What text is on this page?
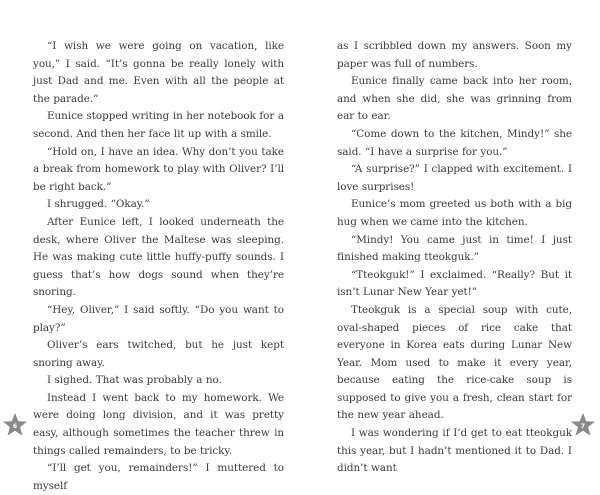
“I wish we were going on vacation, like you,” I said. “It’s gonna be really lonely with just Dad and me. Even with all the people at the parade.”

Eunice stopped writing in her notebook for a second. And then her face lit up with a smile.

“Hold on, I have an idea. Why don’t you take a break from homework to play with Oliver? I’ll be right back.”

I shrugged. “Okay.”

After Eunice left, I looked underneath the desk, where Oliver the Maltese was sleeping. He was making cute little huffy-puffy sounds. I guess that’s how dogs sound when they’re snoring.

“Hey, Oliver,” I said softly. “Do you want to play?”

Oliver’s ears twitched, but he just kept snoring away.

I sighed. That was probably a no.

Instead I went back to my homework. We were doing long division, and it was pretty easy, although sometimes the teacher threw in things called remainders, to be tricky.

“I’ll get you, remainders!” I muttered to myself

6

as I scribbled down my answers. Soon my paper was full of numbers.

Eunice finally came back into her room, and when she did, she was grinning from ear to ear.

“Come down to the kitchen, Mindy!” she said. “I have a surprise for you.”

“A surprise?” I clapped with excitement. I love surprises!

Eunice’s mom greeted us both with a big hug when we came into the kitchen.

“Mindy! You came just in time! I just finished making tteokguk.”

“Tteokguk!” I exclaimed. “Really? But it isn’t Lunar New Year yet!”

Tteokguk is a special soup with cute, oval-shaped pieces of rice cake that everyone in Korea eats during Lunar New Year. Mom used to make it every year, because eating the rice-cake soup is supposed to give you a fresh, clean start for the new year ahead.

I was wondering if I’d get to eat tteokguk this year, but I hadn’t mentioned it to Dad. I didn’t want

7
